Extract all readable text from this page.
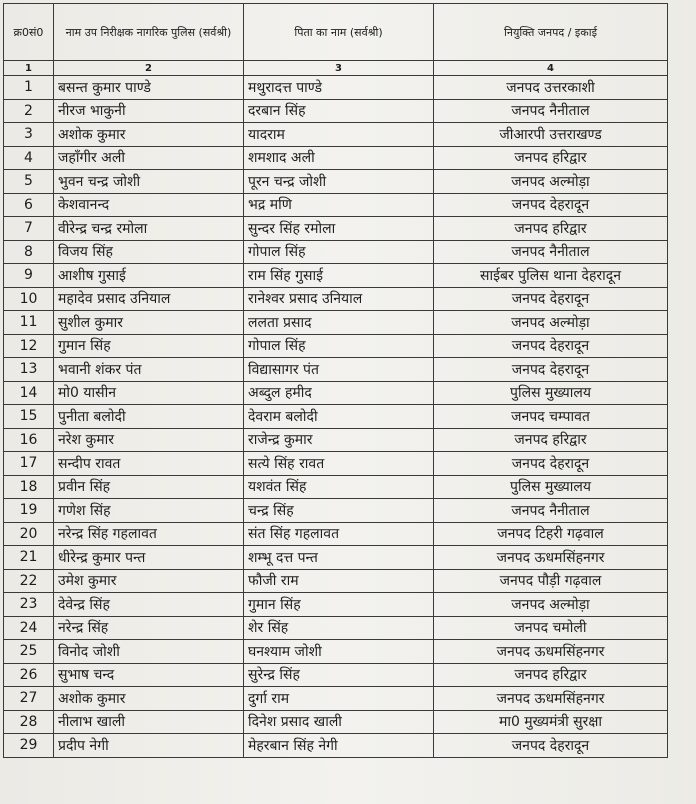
क्र0सं0	नाम उप निरीक्षक नागरिक पुलिस (सर्वश्री)	पिता का नाम (सर्वश्री)	नियुक्ति जनपद / इकाई
1	2	3	4
1	बसन्त कुमार पाण्डे	मथुरादत्त पाण्डे	जनपद उत्तरकाशी
2	नीरज भाकुनी	दरबान सिंह	जनपद नैनीताल
3	अशोक कुमार	यादराम	जीआरपी उत्तराखण्ड
4	जहाँगीर अली	शमशाद अली	जनपद हरिद्वार
5	भुवन चन्द्र जोशी	पूरन चन्द्र जोशी	जनपद अल्मोड़ा
6	केशवानन्द	भद्र मणि	जनपद देहरादून
7	वीरेन्द्र चन्द्र रमोला	सुन्दर सिंह रमोला	जनपद हरिद्वार
8	विजय सिंह	गोपाल सिंह	जनपद नैनीताल
9	आशीष गुसाई	राम सिंह गुसाई	साईबर पुलिस थाना देहरादून
10	महादेव प्रसाद उनियाल	रानेश्वर प्रसाद उनियाल	जनपद देहरादून
11	सुशील कुमार	ललता प्रसाद	जनपद अल्मोड़ा
12	गुमान सिंह	गोपाल सिंह	जनपद देहरादून
13	भवानी शंकर पंत	विद्यासागर पंत	जनपद देहरादून
14	मो0 यासीन	अब्दुल हमीद	पुलिस मुख्यालय
15	पुनीता बलोदी	देवराम बलोदी	जनपद चम्पावत
16	नरेश कुमार	राजेन्द्र कुमार	जनपद हरिद्वार
17	सन्दीप रावत	सत्ये सिंह रावत	जनपद देहरादून
18	प्रवीन सिंह	यशवंत सिंह	पुलिस मुख्यालय
19	गणेश सिंह	चन्द्र सिंह	जनपद नैनीताल
20	नरेन्द्र सिंह गहलावत	संत सिंह गहलावत	जनपद टिहरी गढ़वाल
21	धीरेन्द्र कुमार पन्त	शम्भू दत्त पन्त	जनपद ऊधमसिंहनगर
22	उमेश कुमार	फौजी राम	जनपद पौड़ी गढ़वाल
23	देवेन्द्र सिंह	गुमान सिंह	जनपद अल्मोड़ा
24	नरेन्द्र सिंह	शेर सिंह	जनपद चमोली
25	विनोद जोशी	घनश्याम जोशी	जनपद ऊधमसिंहनगर
26	सुभाष चन्द	सुरेन्द्र सिंह	जनपद हरिद्वार
27	अशोक कुमार	दुर्गा राम	जनपद ऊधमसिंहनगर
28	नीलाभ खाली	दिनेश प्रसाद खाली	मा0 मुख्यमंत्री सुरक्षा
29	प्रदीप नेगी	मेहरबान सिंह नेगी	जनपद देहरादून
